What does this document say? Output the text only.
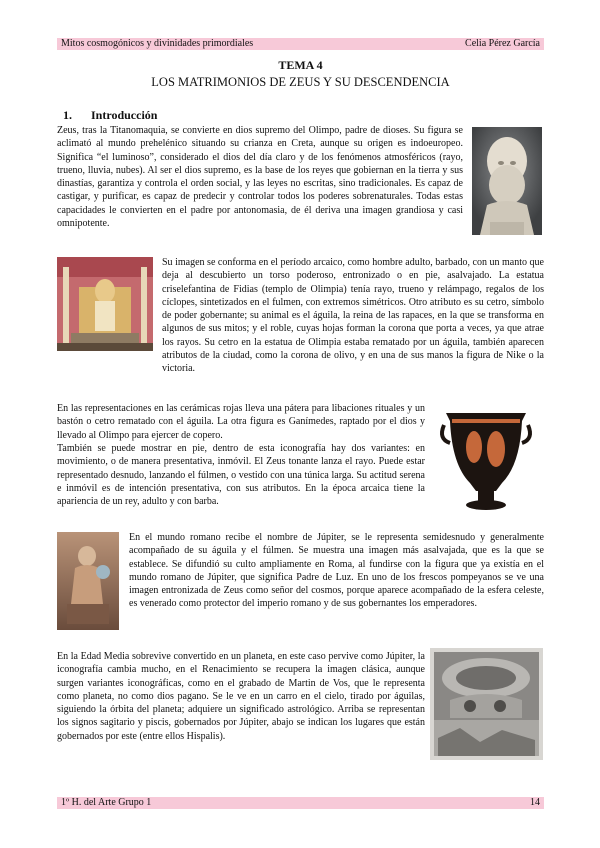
Mitos cosmogónicos y divinidades primordiales	Celia Pérez García
TEMA 4
LOS MATRIMONIOS DE ZEUS Y SU DESCENDENCIA
1. Introducción

Zeus, tras la Titanomaquia, se convierte en dios supremo del Olimpo, padre de dioses. Su figura se aclimató al mundo prehelénico situando su crianza en Creta, aunque su origen es indoeuropeo. Significa “el luminoso”, considerado el dios del día claro y de los fenómenos atmosféricos (rayo, trueno, lluvia, nubes). Al ser el dios supremo, es la base de los reyes que gobiernan en la tierra y sus dinastías, garantiza y controla el orden social, y las leyes no escritas, sino tradicionales. Es capaz de castigar, y purificar, es capaz de predecir y controlar todos los poderes sobrenaturales. Todas estas capacidades le convierten en el padre por antonomasia, de él deriva una imagen grandiosa y casi omnipotente.

Su imagen se conforma en el período arcaico, como hombre adulto, barbado, con un manto que deja al descubierto un torso poderoso, entronizado o en pie, asalvajado. La estatua criselefantina de Fidias (templo de Olimpia) tenía rayo, trueno y relámpago, regalos de los cíclopes, sintetizados en el fulmen, con extremos simétricos. Otro atributo es su cetro, símbolo de poder gobernante; su animal es el águila, la reina de las rapaces, en la que se transforma en algunos de sus mitos; y el roble, cuyas hojas forman la corona que porta a veces, ya que atrae los rayos. Su cetro en la estatua de Olimpia estaba rematado por un águila, también aparecen atributos de la ciudad, como la corona de olivo, y en una de sus manos la figura de Nike o la victoria.

En las representaciones en las cerámicas rojas lleva una pátera para libaciones rituales y un bastón o cetro rematado con el águila. La otra figura es Ganímedes, raptado por el dios y llevado al Olimpo para ejercer de copero.

También se puede mostrar en pie, dentro de esta iconografía hay dos variantes: en movimiento, o de manera presentativa, inmóvil. El Zeus tonante lanza el rayo. Puede estar representado desnudo, lanzando el fúlmen, o vestido con una túnica larga. Su actitud serena e inmóvil es de intención presentativa, con sus atributos. En la época arcaica tiene la apariencia de un rey, adulto y con barba.

En el mundo romano recibe el nombre de Júpiter, se le representa semidesnudo y generalmente acompañado de su águila y el fúlmen. Se muestra una imagen más asalvajada, que es la que se establece. Se difundió su culto ampliamente en Roma, al fundirse con la figura que ya existía en el mundo romano de Júpiter, que significa Padre de Luz. En uno de los frescos pompeyanos se ve una imagen entronizada de Zeus como señor del cosmos, porque aparece acompañado de la esfera celeste, es venerado como protector del imperio romano y de sus gobernantes los emperadores.

En la Edad Media sobrevive convertido en un planeta, en este caso pervive como Júpiter, la iconografía cambia mucho, en el Renacimiento se recupera la imagen clásica, aunque surgen variantes iconográficas, como en el grabado de Martin de Vos, que le representa como planeta, no como dios pagano. Se le ve en un carro en el cielo, tirado por águilas, siguiendo la órbita del planeta; adquiere un significado astrológico. Arriba se representan los signos sagitario y piscis, gobernados por Júpiter, abajo se indican los lugares que están gobernados por este (entre ellos Hispalis).

1º H. del Arte Grupo 1	14
